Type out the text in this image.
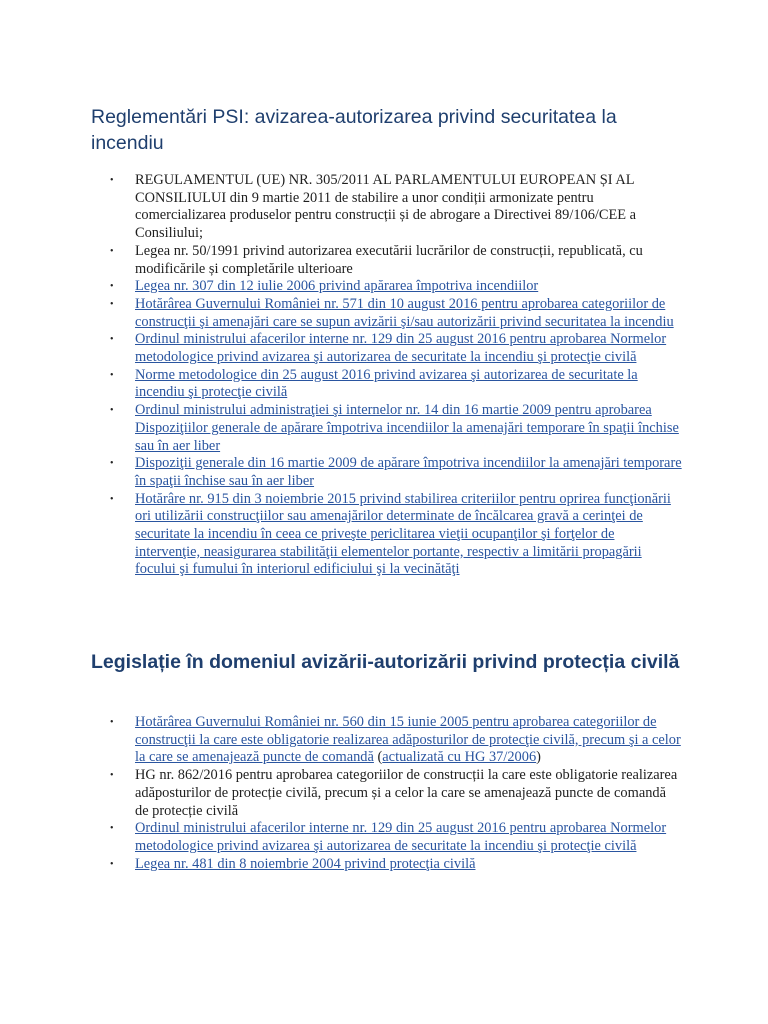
Reglementări PSI: avizarea-autorizarea privind securitatea la incendiu
• REGULAMENTUL (UE) NR. 305/2011 AL PARLAMENTULUI EUROPEAN ȘI AL CONSILIULUI din 9 martie 2011 de stabilire a unor condiții armonizate pentru comercializarea produselor pentru construcții și de abrogare a Directivei 89/106/CEE a Consiliului;
• Legea nr. 50/1991 privind autorizarea executării lucrărilor de construcții, republicată, cu modificările și completările ulterioare
• Legea nr. 307 din 12 iulie 2006 privind apărarea împotriva incendiilor
• Hotărârea Guvernului României nr. 571 din 10 august 2016 pentru aprobarea categoriilor de construcţii şi amenajări care se supun avizării şi/sau autorizării privind securitatea la incendiu
• Ordinul ministrului afacerilor interne nr. 129 din 25 august 2016 pentru aprobarea Normelor metodologice privind avizarea şi autorizarea de securitate la incendiu şi protecţie civilă
• Norme metodologice din 25 august 2016 privind avizarea şi autorizarea de securitate la incendiu şi protecţie civilă
• Ordinul ministrului administraţiei şi internelor nr. 14 din 16 martie 2009 pentru aprobarea Dispoziţiilor generale de apărare împotriva incendiilor la amenajări temporare în spaţii închise sau în aer liber
• Dispoziţii generale din 16 martie 2009 de apărare împotriva incendiilor la amenajări temporare în spaţii închise sau în aer liber
• Hotărâre nr. 915 din 3 noiembrie 2015 privind stabilirea criteriilor pentru oprirea funcţionării ori utilizării construcţiilor sau amenajărilor determinate de încălcarea gravă a cerinţei de securitate la incendiu în ceea ce priveşte periclitarea vieţii ocupanţilor şi forţelor de intervenţie, neasigurarea stabilităţii elementelor portante, respectiv a limitării propagării focului şi fumului în interiorul edificiului şi la vecinătăţi
Legislație în domeniul avizării-autorizării privind protecția civilă
• Hotărârea Guvernului României nr. 560 din 15 iunie 2005 pentru aprobarea categoriilor de construcţii la care este obligatorie realizarea adăposturilor de protecţie civilă, precum şi a celor la care se amenajează puncte de comandă (actualizată cu HG 37/2006)
• HG nr. 862/2016 pentru aprobarea categoriilor de construcții la care este obligatorie realizarea adăposturilor de protecție civilă, precum și a celor la care se amenajează puncte de comandă de protecție civilă
• Ordinul ministrului afacerilor interne nr. 129 din 25 august 2016 pentru aprobarea Normelor metodologice privind avizarea şi autorizarea de securitate la incendiu şi protecţie civilă
• Legea nr. 481 din 8 noiembrie 2004 privind protecţia civilă
